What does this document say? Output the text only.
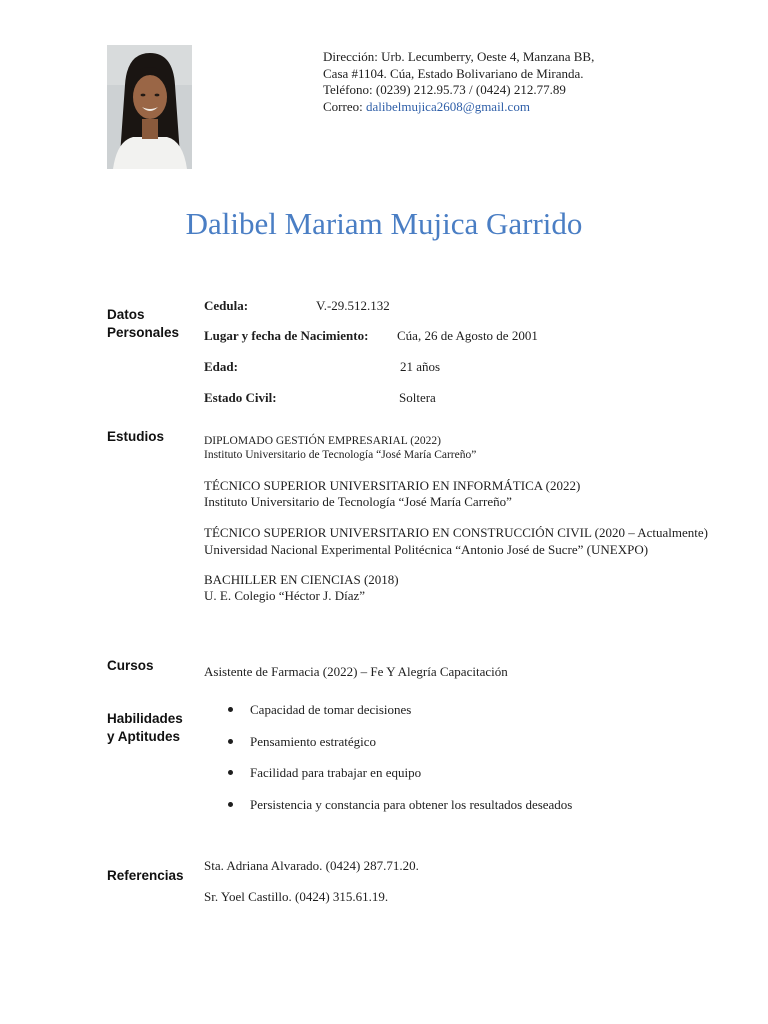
Dirección: Urb. Lecumberry, Oeste 4, Manzana BB,
Casa #1104. Cúa, Estado Bolivariano de Miranda.
Teléfono: (0239) 212.95.73 / (0424) 212.77.89
Correo: dalibelmujica2608@gmail.com
Dalibel Mariam Mujica Garrido
Datos
Personales
Cedula:	V.-29.512.132
Lugar y fecha de Nacimiento: Cúa, 26 de Agosto de 2001
Edad:	21 años
Estado Civil:	Soltera
Estudios	DIPLOMADO GESTIÓN EMPRESARIAL (2022)
Instituto Universitario de Tecnología “José María Carreño”
TÉCNICO SUPERIOR UNIVERSITARIO EN INFORMÁTICA (2022)
Instituto Universitario de Tecnología “José María Carreño”
TÉCNICO SUPERIOR UNIVERSITARIO EN CONSTRUCCIÓN CIVIL (2020 – Actualmente)
Universidad Nacional Experimental Politécnica “Antonio José de Sucre” (UNEXPO)
BACHILLER EN CIENCIAS (2018)
U. E. Colegio “Héctor J. Díaz”
Cursos	Asistente de Farmacia (2022) – Fe Y Alegría Capacitación
Habilidades
y Aptitudes
Capacidad de tomar decisiones
Pensamiento estratégico
Facilidad para trabajar en equipo
Persistencia y constancia para obtener los resultados deseados
Referencias
Sta. Adriana Alvarado. (0424) 287.71.20.
Sr. Yoel Castillo. (0424) 315.61.19.
